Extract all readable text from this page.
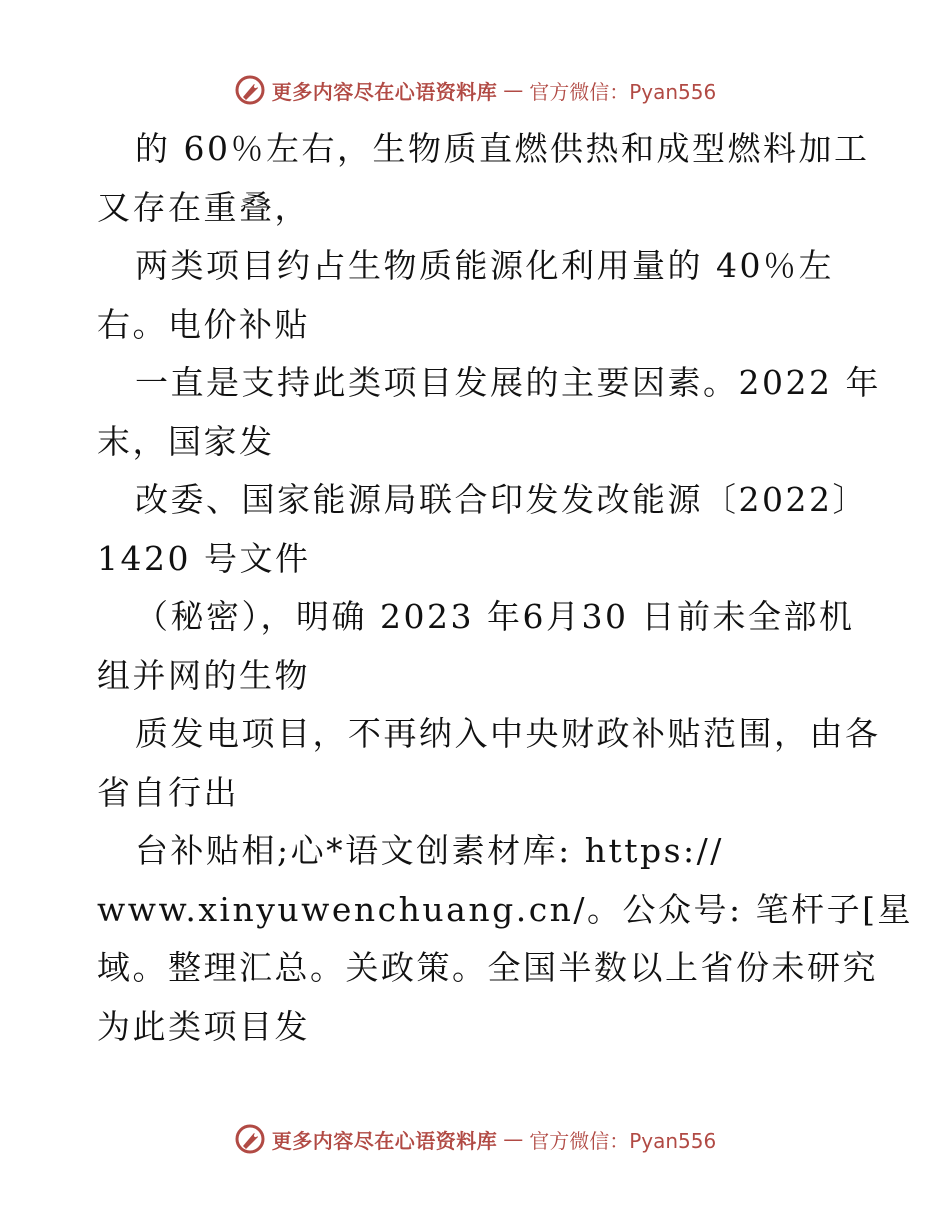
更多内容尽在心语资料库 — 官方微信：Pyan556
的 60％左右，生物质直燃供热和成型燃料加工
又存在重叠，
两类项目约占生物质能源化利用量的 40％左
右。电价补贴
一直是支持此类项目发展的主要因素。2022 年
末，国家发
改委、国家能源局联合印发发改能源〔2022〕
1420 号文件
（秘密），明确 2023 年6月30 日前未全部机
组并网的生物
质发电项目，不再纳入中央财政补贴范围，由各
省自行出
台补贴相;心*语文创素材库: https://
www.xinyuwenchuang.cn/。公众号: 笔杆子[星
域。整理汇总。关政策。全国半数以上省份未研究
为此类项目发
更多内容尽在心语资料库 — 官方微信：Pyan556
